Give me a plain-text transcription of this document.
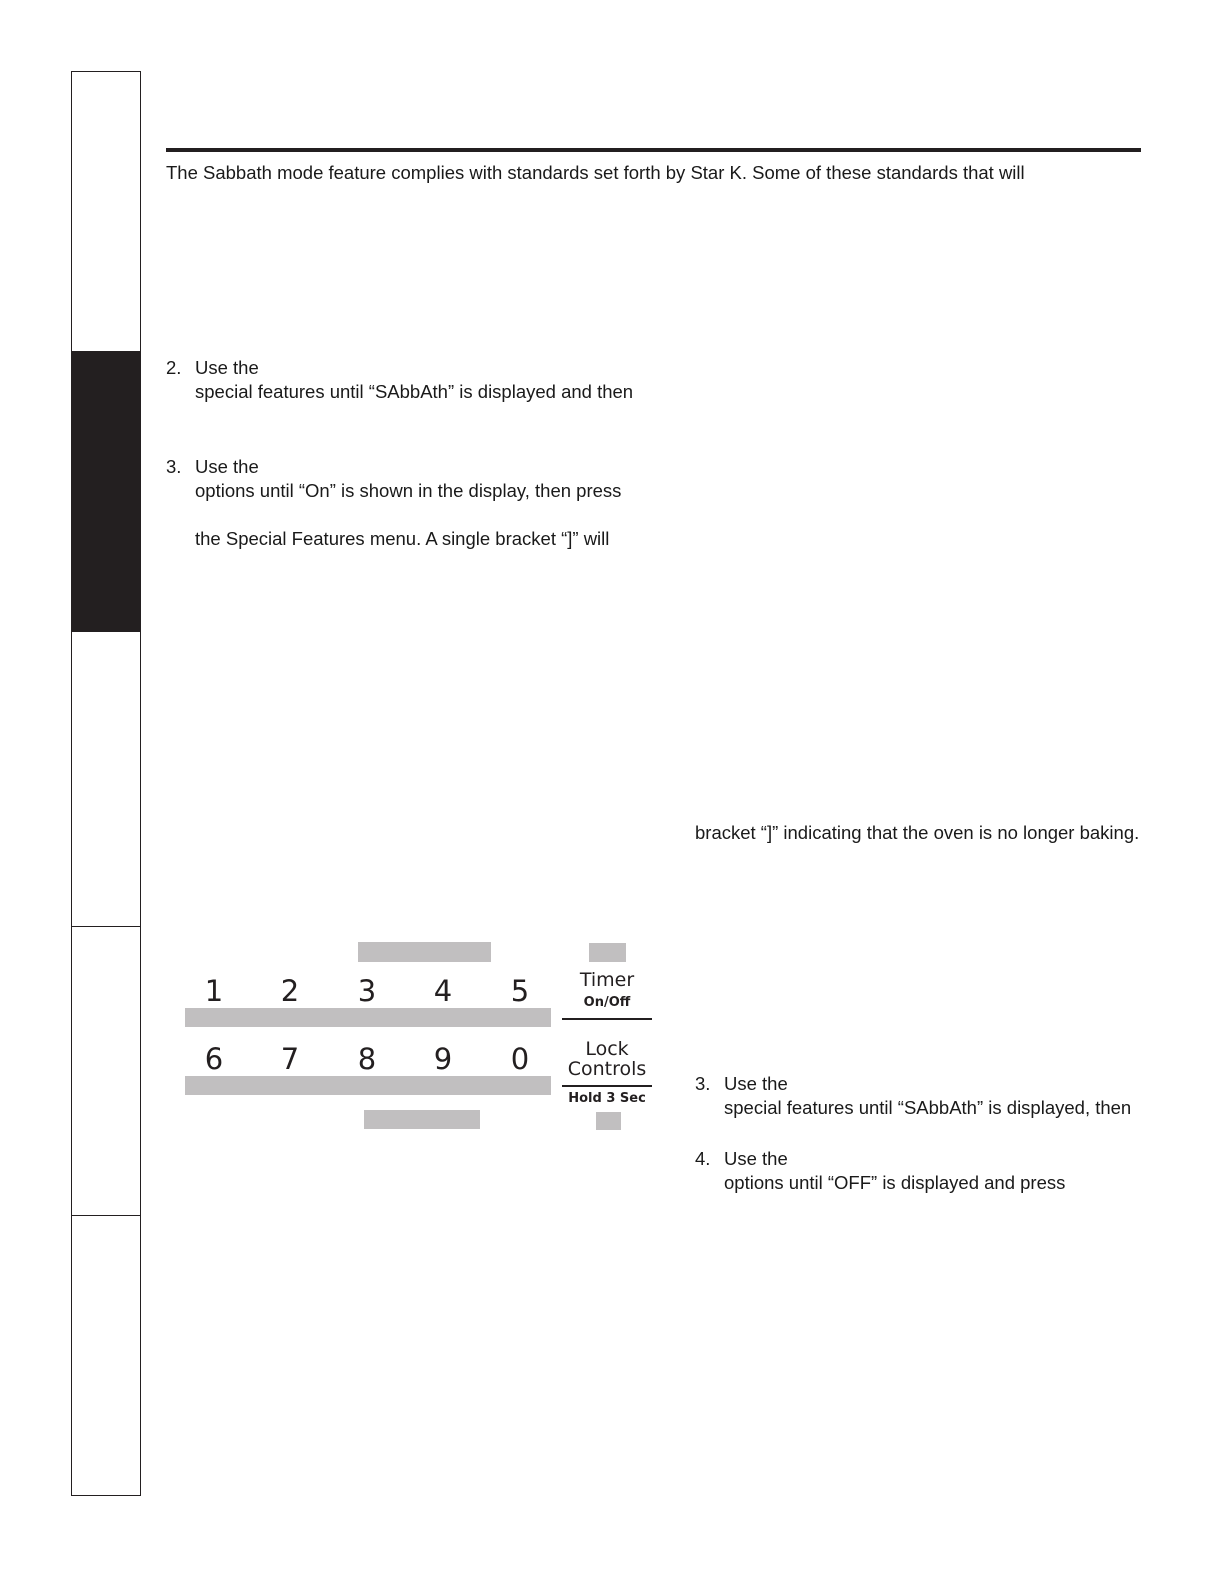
The Sabbath mode feature complies with standards set forth by Star K. Some of these standards that will
2. Use the
special features until “SAbbAth” is displayed and then
3. Use the
options until “On” is shown in the display, then press
the Special Features menu. A single bracket “]” will
bracket “]” indicating that the oven is no longer baking.
3. Use the
special features until “SAbbAth” is displayed, then
4. Use the
options until “OFF” is displayed and press
1	2	3	4	5
6	7	8	9	0
Timer
On/Off
Lock
Controls
Hold 3 Sec
